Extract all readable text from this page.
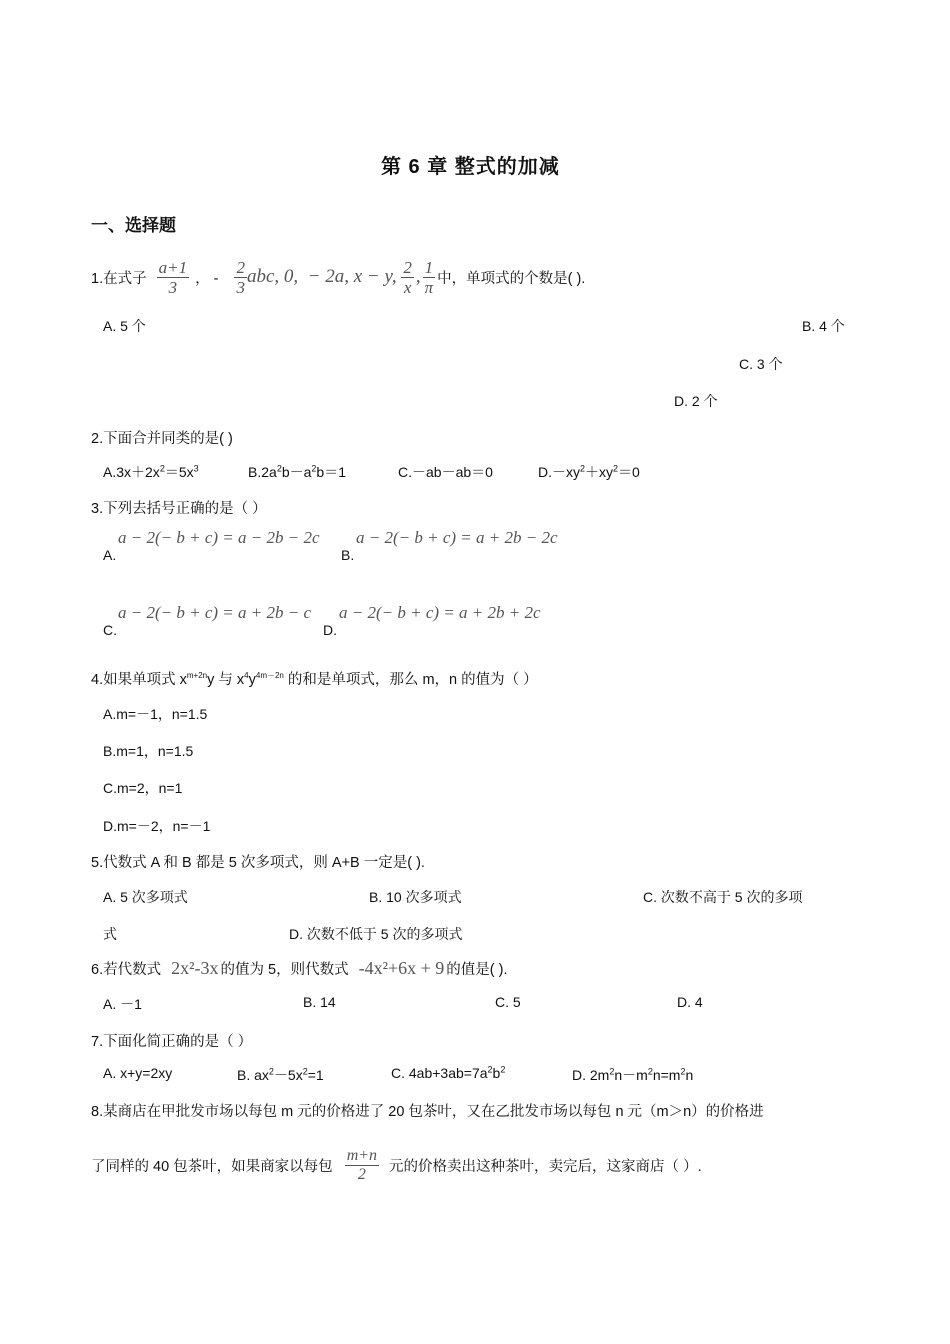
第 6 章 整式的加减
一、选择题
1.在式子 $\frac{a+1}{3}$ ， - $\frac{2}{3}$ abc, 0,  − 2a, x − y, $\frac{2}{x}$ , $\frac{1}{\pi}$ 中，单项式的个数是( ).
A. 5 个	B. 4 个
C. 3 个
D. 2 个
2.下面合并同类的是( )
$A.3x+2x^2=5x^3$	$B.2a^2b-a^2b=1$	C.－ab－ab＝0	$D.-xy^2+xy^2=0$
3.下列去括号正确的是（ ）
a − 2(− b + c) = a − 2b − 2c
A.
a − 2(− b + c) = a + 2b − 2c
B.
a − 2(− b + c) = a + 2b − c
C.
a − 2(− b + c) = a + 2b + 2c
D.
4.如果单项式 $x^{m+2n}y$ 与 $x^4y^{4m-2n}$ 的和是单项式，那么 m，n 的值为（ ）
A.m=－1，n=1.5
B.m=1，n=1.5
C.m=2，n=1
D.m=－2，n=－1
5.代数式 A 和 B 都是 5 次多项式，则 A+B 一定是( ).
A. 5 次多项式	B. 10 次多项式	C. 次数不高于 5 次的多项
式	D. 次数不低于 5 次的多项式
6.若代数式 2x²-3x 的值为 5，则代数式 -4x²+6x + 9 的值是( ).
A. －1	B. 14	C. 5	D. 4
7.下面化简正确的是（ ）
A. x+y=2xy	B. $ax^2-5x^2=1$	C. $4ab+3ab=7a^2b^2$	D. $2m^2n-m^2n=m^2n$
8.某商店在甲批发市场以每包 m 元的价格进了 20 包茶叶，又在乙批发市场以每包 n 元（m＞n）的价格进
了同样的 40 包茶叶，如果商家以每包 $\frac{m+n}{2}$ 元的价格卖出这种茶叶，卖完后，这家商店（ ）.
